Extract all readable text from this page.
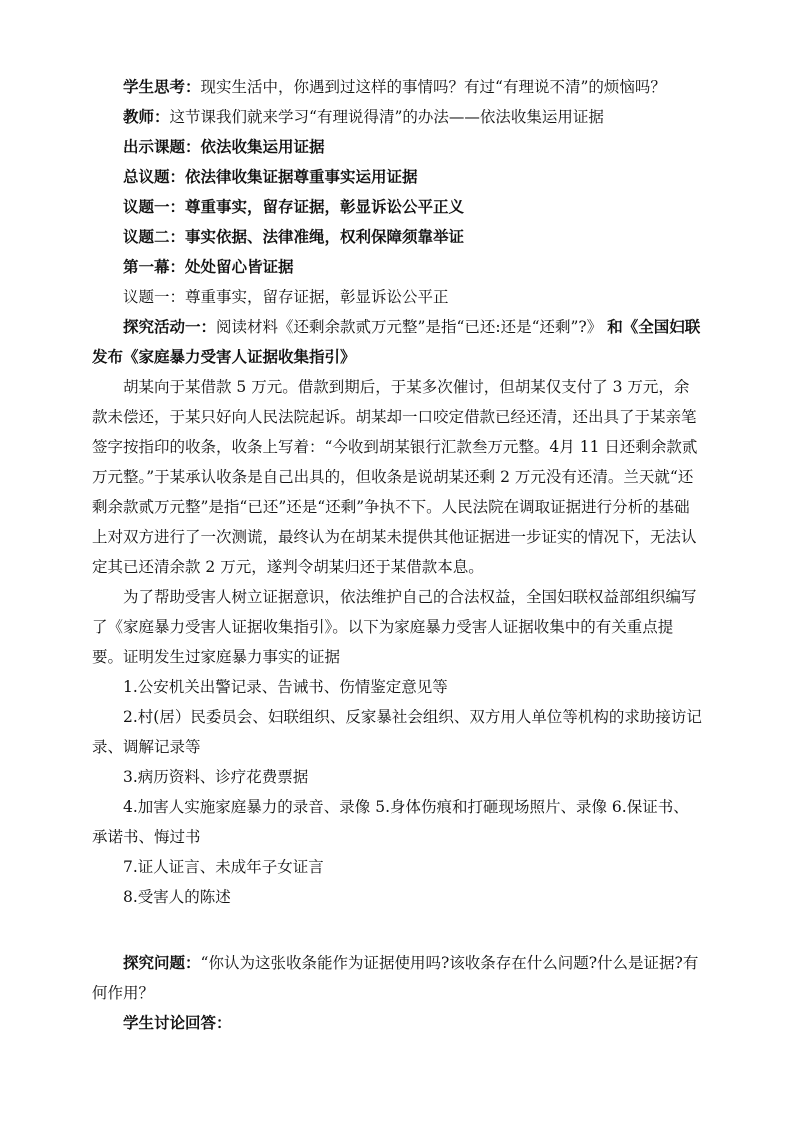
学生思考：现实生活中，你遇到过这样的事情吗？有过“有理说不清”的烦恼吗？

教师：这节课我们就来学习“有理说得清”的办法——依法收集运用证据

出示课题：依法收集运用证据

总议题：依法律收集证据尊重事实运用证据

议题一：尊重事实，留存证据，彰显诉讼公平正义

议题二：事实依据、法律准绳，权利保障须靠举证

第一幕：处处留心皆证据

议题一：尊重事实，留存证据，彰显诉讼公平正

探究活动一：阅读材料《还剩余款贰万元整”是指“已还:还是“还剩”?》 和《全国妇联发布《家庭暴力受害人证据收集指引》

胡某向于某借款 5 万元。借款到期后，于某多次催讨，但胡某仅支付了 3 万元，余款未偿还，于某只好向人民法院起诉。胡某却一口咬定借款已经还清，还出具了于某亲笔签字按指印的收条，收条上写着：“今收到胡某银行汇款叁万元整。4月 11 日还剩余款贰万元整。”于某承认收条是自己出具的，但收条是说胡某还剩 2 万元没有还清。兰天就“还剩余款贰万元整”是指“已还”还是“还剩”争执不下。人民法院在调取证据进行分析的基础上对双方进行了一次测谎，最终认为在胡某未提供其他证据进一步证实的情况下，无法认定其已还清余款 2 万元，遂判令胡某归还于某借款本息。

为了帮助受害人树立证据意识，依法维护自己的合法权益，全国妇联权益部组织编写了《家庭暴力受害人证据收集指引》。以下为家庭暴力受害人证据收集中的有关重点提要。证明发生过家庭暴力事实的证据

1.公安机关出警记录、告诫书、伤情鉴定意见等

2.村(居）民委员会、妇联组织、反家暴社会组织、双方用人单位等机构的求助接访记录、调解记录等

3.病历资料、诊疗花费票据

4.加害人实施家庭暴力的录音、录像 5.身体伤痕和打砸现场照片、录像 6.保证书、承诺书、悔过书

7.证人证言、未成年子女证言

8.受害人的陈述

探究问题：“你认为这张收条能作为证据使用吗?该收条存在什么问题?什么是证据?有何作用？

学生讨论回答：
